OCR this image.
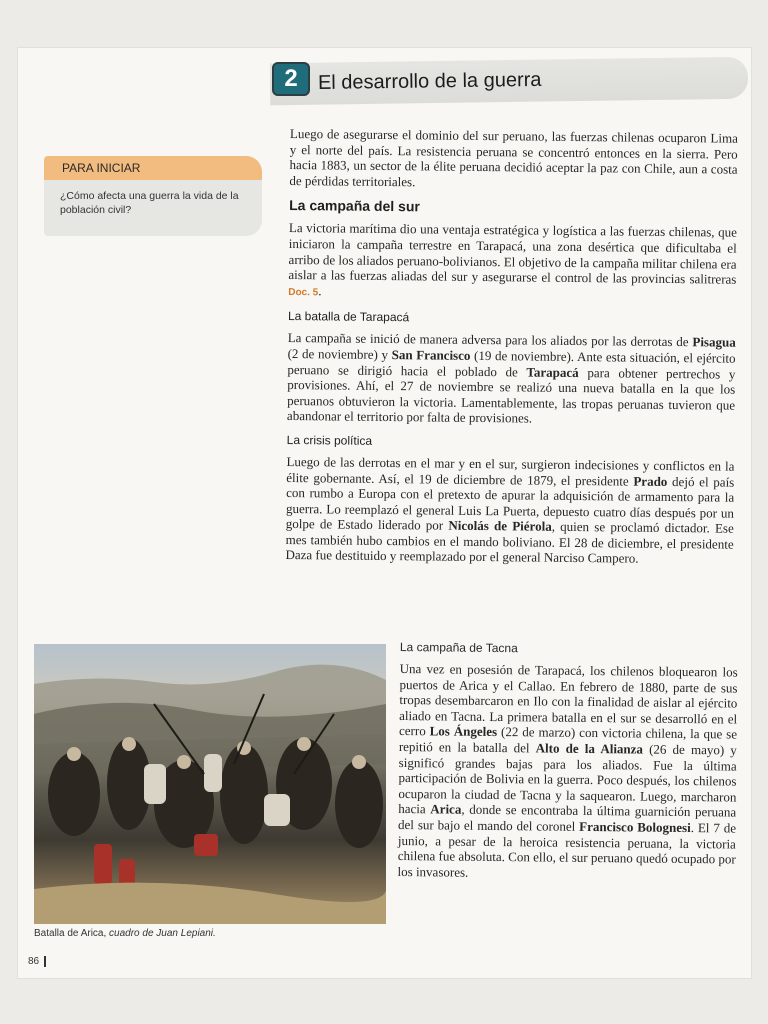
2	El desarrollo de la guerra
PARA INICIAR
¿Cómo afecta una guerra la vida de la población civil?

Luego de asegurarse el dominio del sur peruano, las fuerzas chilenas ocuparon Lima y el norte del país. La resistencia peruana se concentró entonces en la sierra. Pero hacia 1883, un sector de la élite peruana decidió aceptar la paz con Chile, aun a costa de pérdidas territoriales.

La campaña del sur

La victoria marítima dio una ventaja estratégica y logística a las fuerzas chilenas, que iniciaron la campaña terrestre en Tarapacá, una zona desértica que dificultaba el arribo de los aliados peruano-bolivianos. El objetivo de la campaña militar chilena era aislar a las fuerzas aliadas del sur y asegurarse el control de las provincias salitreras Doc. 5.

La batalla de Tarapacá

La campaña se inició de manera adversa para los aliados por las derrotas de Pisagua (2 de noviembre) y San Francisco (19 de noviembre). Ante esta situación, el ejército peruano se dirigió hacia el poblado de Tarapacá para obtener pertrechos y provisiones. Ahí, el 27 de noviembre se realizó una nueva batalla en la que los peruanos obtuvieron la victoria. Lamentablemente, las tropas peruanas tuvieron que abandonar el territorio por falta de provisiones.

La crisis política

Luego de las derrotas en el mar y en el sur, surgieron indecisiones y conflictos en la élite gobernante. Así, el 19 de diciembre de 1879, el presidente Prado dejó el país con rumbo a Europa con el pretexto de apurar la adquisición de armamento para la guerra. Lo reemplazó el general Luis La Puerta, depuesto cuatro días después por un golpe de Estado liderado por Nicolás de Piérola, quien se proclamó dictador. Ese mes también hubo cambios en el mando boliviano. El 28 de diciembre, el presidente Daza fue destituido y reemplazado por el general Narciso Campero.

La campaña de Tacna

Una vez en posesión de Tarapacá, los chilenos bloquearon los puertos de Arica y el Callao. En febrero de 1880, parte de sus tropas desembarcaron en Ilo con la finalidad de aislar al ejército aliado en Tacna. La primera batalla en el sur se desarrolló en el cerro Los Ángeles (22 de marzo) con victoria chilena, la que se repitió en la batalla del Alto de la Alianza (26 de mayo) y significó grandes bajas para los aliados. Fue la última participación de Bolivia en la guerra. Poco después, los chilenos ocuparon la ciudad de Tacna y la saquearon. Luego, marcharon hacia Arica, donde se encontraba la última guarnición peruana del sur bajo el mando del coronel Francisco Bolognesi. El 7 de junio, a pesar de la heroica resistencia peruana, la victoria chilena fue absoluta. Con ello, el sur peruano quedó ocupado por los invasores.

Batalla de Arica, cuadro de Juan Lepiani.
86
